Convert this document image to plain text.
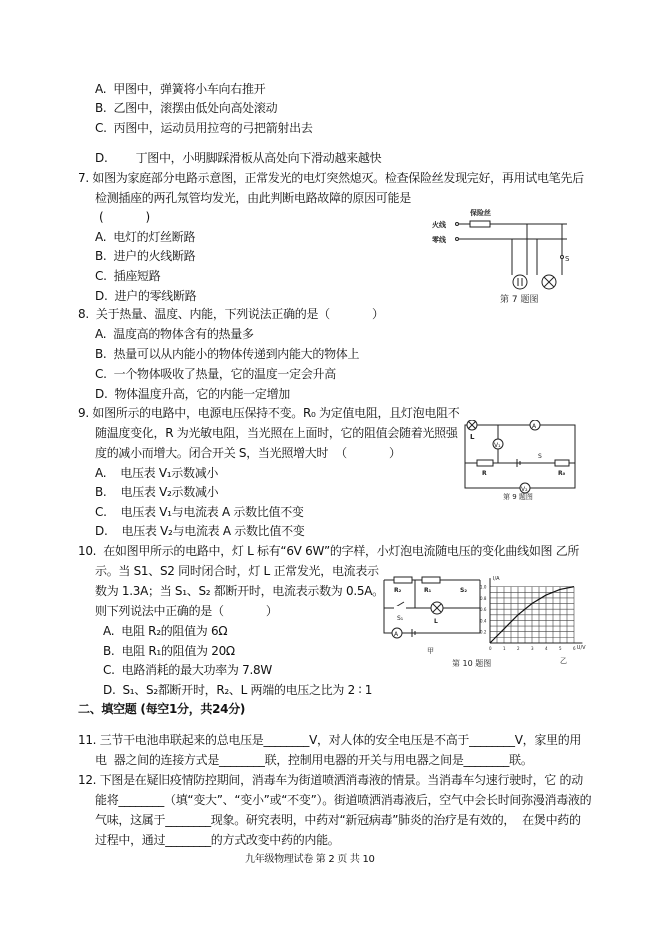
A.  甲图中，弹簧将小车向右推开
B.  乙图中，滚摆由低处向高处滚动
C.  丙图中，运动员用拉弯的弓把箭射出去
D.        丁图中，小明脚踩滑板从高处向下滑动越来越快
7. 如图为家庭部分电路示意图，正常发光的电灯突然熄灭。检查保险丝发现完好，再用试电笔先后
检测插座的两孔氖管均发光，由此判断电路故障的原因可能是
(            )
A.  电灯的灯丝断路
B.  进户的火线断路
C.  插座短路
D.  进户的零线断路
8.  关于热量、温度、内能，下列说法正确的是（            ）
A.  温度高的物体含有的热量多
B.  热量可以从内能小的物体传递到内能大的物体上
C.  一个物体吸收了热量，它的温度一定会升高
D.  物体温度升高，它的内能一定增加
9. 如图所示的电路中，电源电压保持不变。R₀ 为定值电阻，且灯泡电阻不
随温度变化，R 为光敏电阻，当光照在上面时，它的阻值会随着光照强
度的减小而增大。闭合开关 S，当光照增大时  （            ）
A.    电压表 V₁示数减小
B.    电压表 V₂示数减小
C.    电压表 V₁与电流表 A 示数比值不变
D.    电压表 V₂与电流表 A 示数比值不变
10.  在如图甲所示的电路中，灯 L 标有“6V 6W”的字样，小灯泡电流随电压的变化曲线如图 乙所
示。当 S1、S2 同时闭合时，灯 L 正常发光，电流表示
数为 1.3A；当 S₁、S₂ 都断开时，电流表示数为 0.5A。
则下列说法中正确的是（            ）
A.  电阻 R₂的阻值为 6Ω
B.  电阻 R₁的阻值为 20Ω
C.  电路消耗的最大功率为 7.8W
D.  S₁、S₂都断开时，R₂、L 两端的电压之比为 2 ∶ 1
二、填空题 (每空1分，共24分)
11. 三节干电池串联起来的总电压是________V，对人体的安全电压是不高于________V，家里的用
电  器之间的连接方式是________联，控制用电器的开关与用电器之间是________联。
12. 下图是在疑旧疫情防控期间，消毒车为街道喷洒消毒液的情景。当消毒车匀速行驶时，它 的动
能将________（填“变大”、“变小”或“不变”）。街道喷洒消毒液后，空气中会长时间弥漫消毒液的
气味，这属于________现象。研究表明，中药对“新冠病毒”肺炎的治疗是有效的，  在煲中药的
过程中，通过________的方式改变中药的内能。
保险丝
火线
零线
S
第 7 题图
A
L
V₁
R
S
R₀
V₂
第 9 题图
R₂	R₁	S₂
S₁	L
A
甲
第 10 题图
0.2
0.4
0.6
0.8
1.0
0	1	2	3	4	5	6
I/A
U/V
乙
九年级物理试卷 第 2 页 共 10
